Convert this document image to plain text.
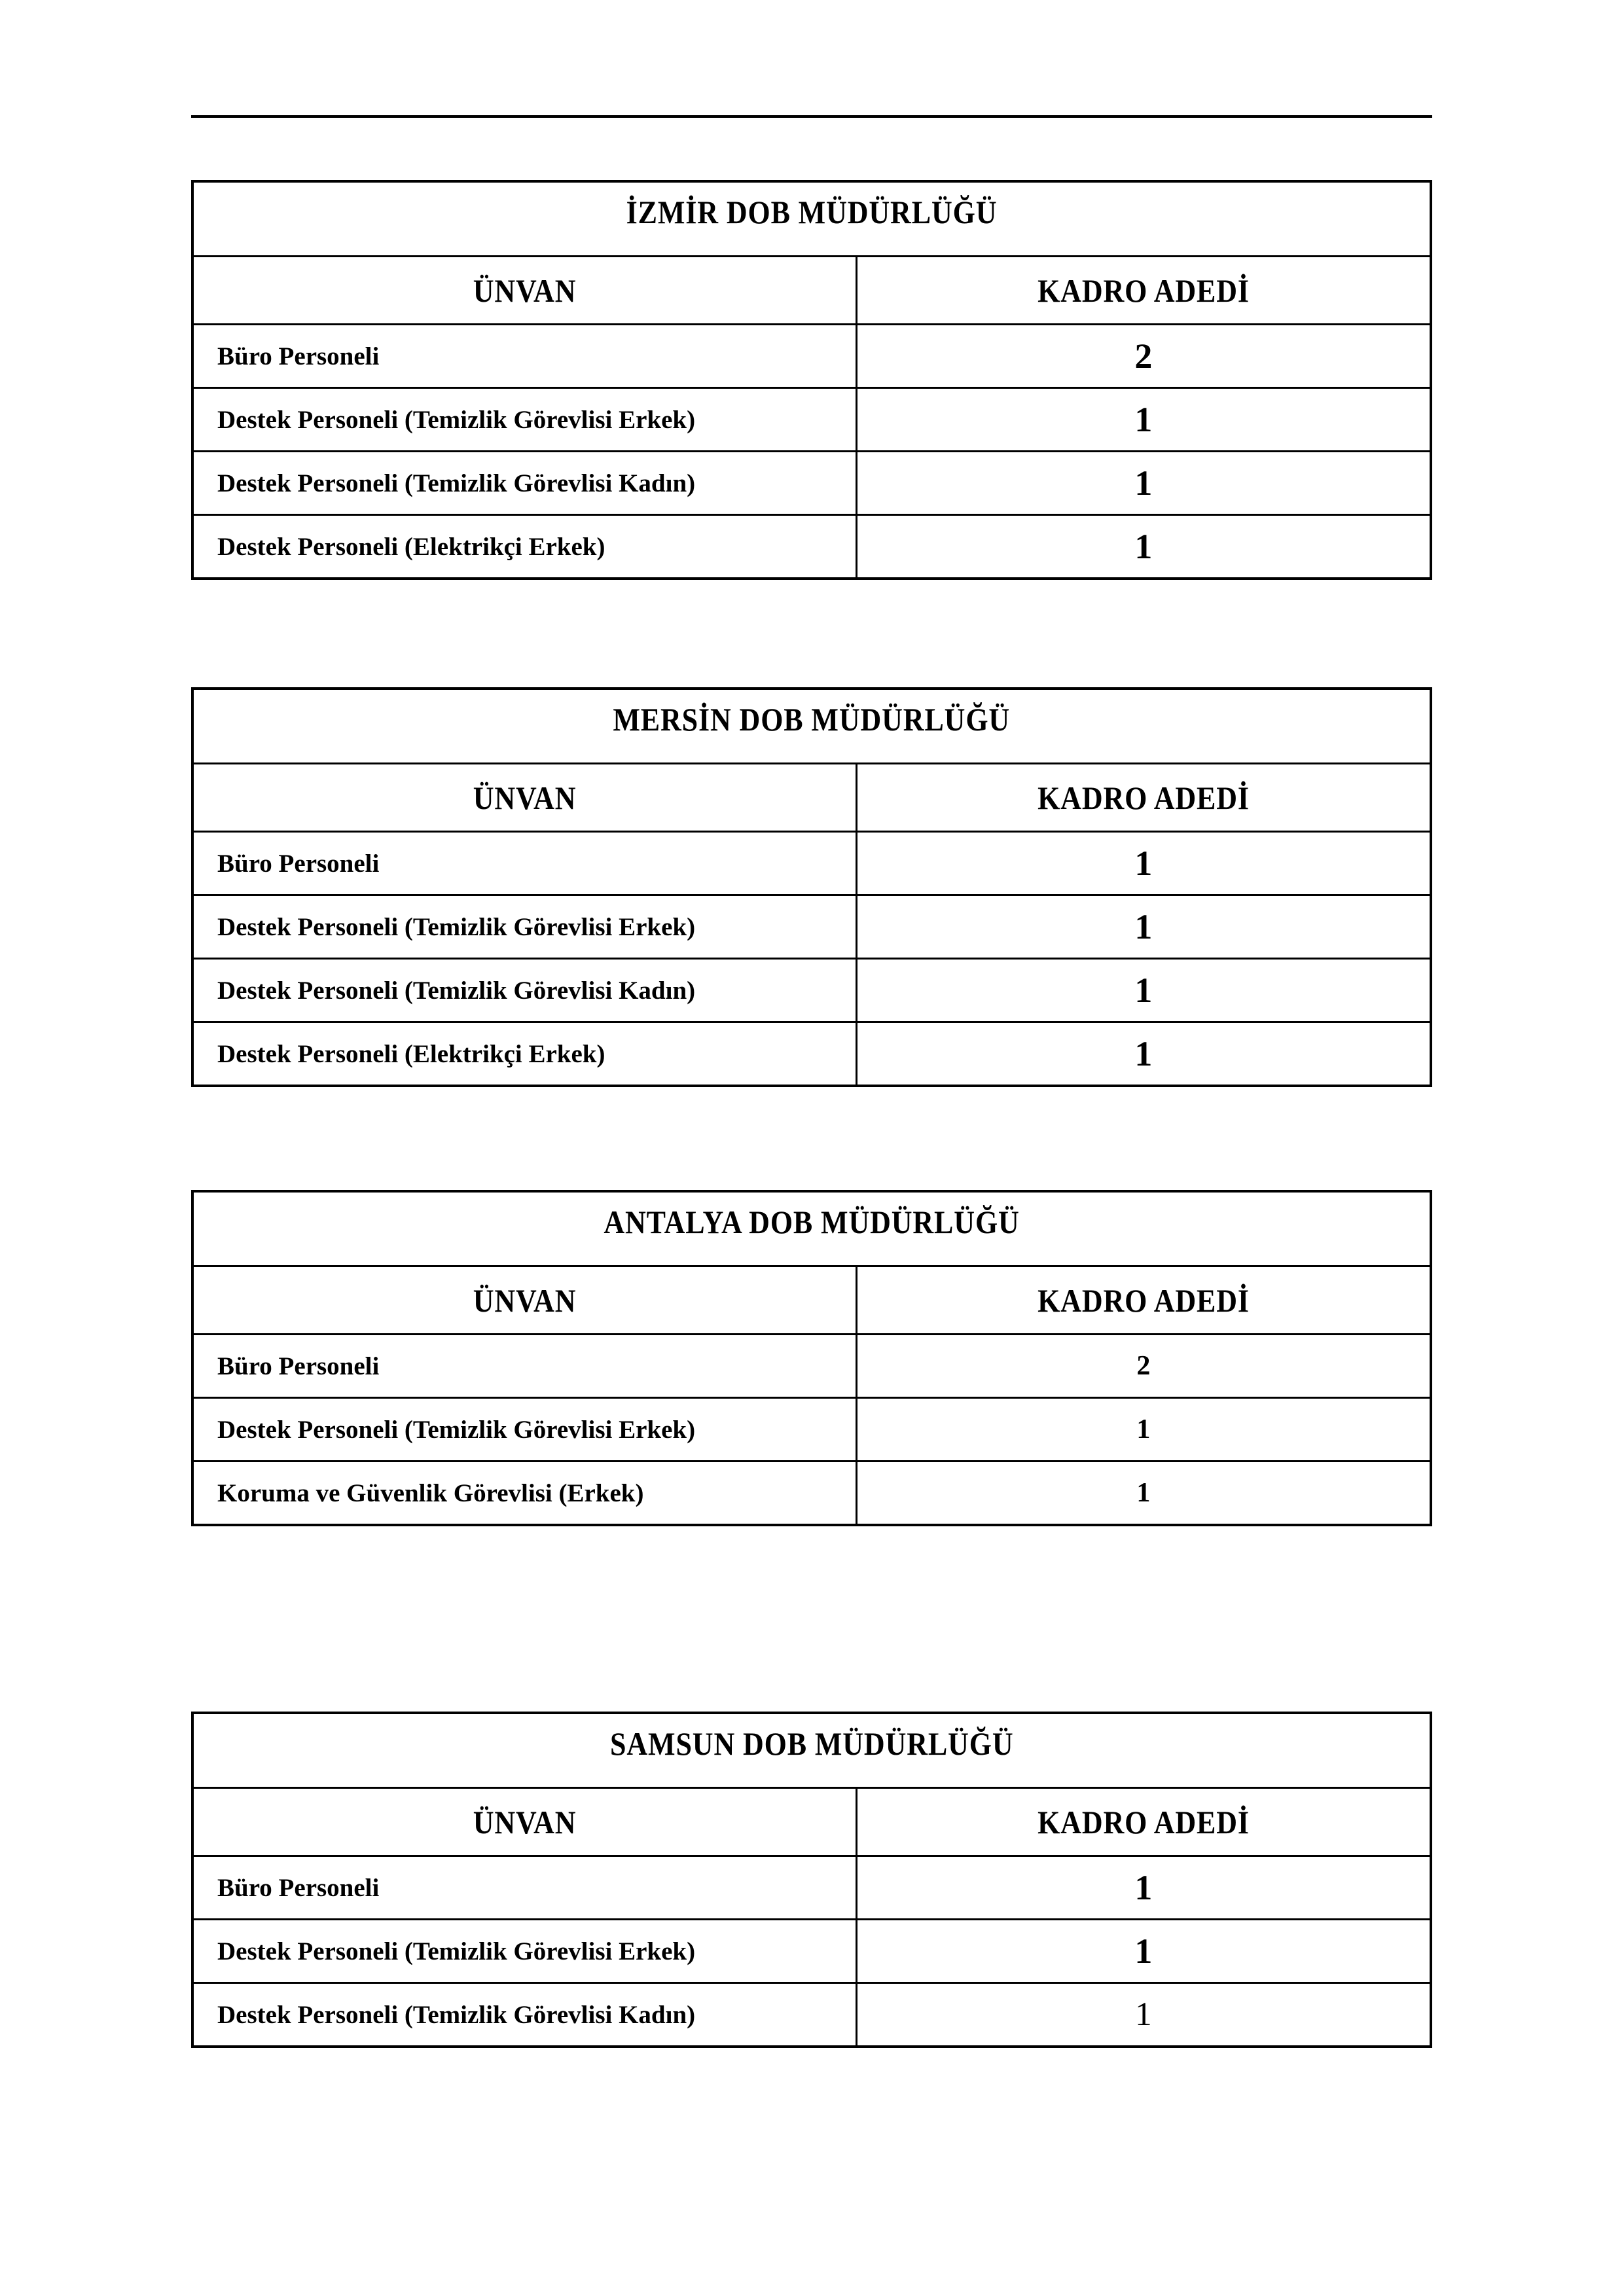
İZMİR DOB MÜDÜRLÜĞÜ
ÜNVAN	KADRO ADEDİ
Büro Personeli	2
Destek Personeli (Temizlik Görevlisi Erkek)	1
Destek Personeli (Temizlik Görevlisi Kadın)	1
Destek Personeli (Elektrikçi Erkek)	1
MERSİN DOB MÜDÜRLÜĞÜ
ÜNVAN	KADRO ADEDİ
Büro Personeli	1
Destek Personeli (Temizlik Görevlisi Erkek)	1
Destek Personeli (Temizlik Görevlisi Kadın)	1
Destek Personeli (Elektrikçi Erkek)	1
ANTALYA DOB MÜDÜRLÜĞÜ
ÜNVAN	KADRO ADEDİ
Büro Personeli	2
Destek Personeli (Temizlik Görevlisi Erkek)	1
Koruma ve Güvenlik Görevlisi (Erkek)	1
SAMSUN DOB MÜDÜRLÜĞÜ
ÜNVAN	KADRO ADEDİ
Büro Personeli	1
Destek Personeli (Temizlik Görevlisi Erkek)	1
Destek Personeli (Temizlik Görevlisi Kadın)	1
